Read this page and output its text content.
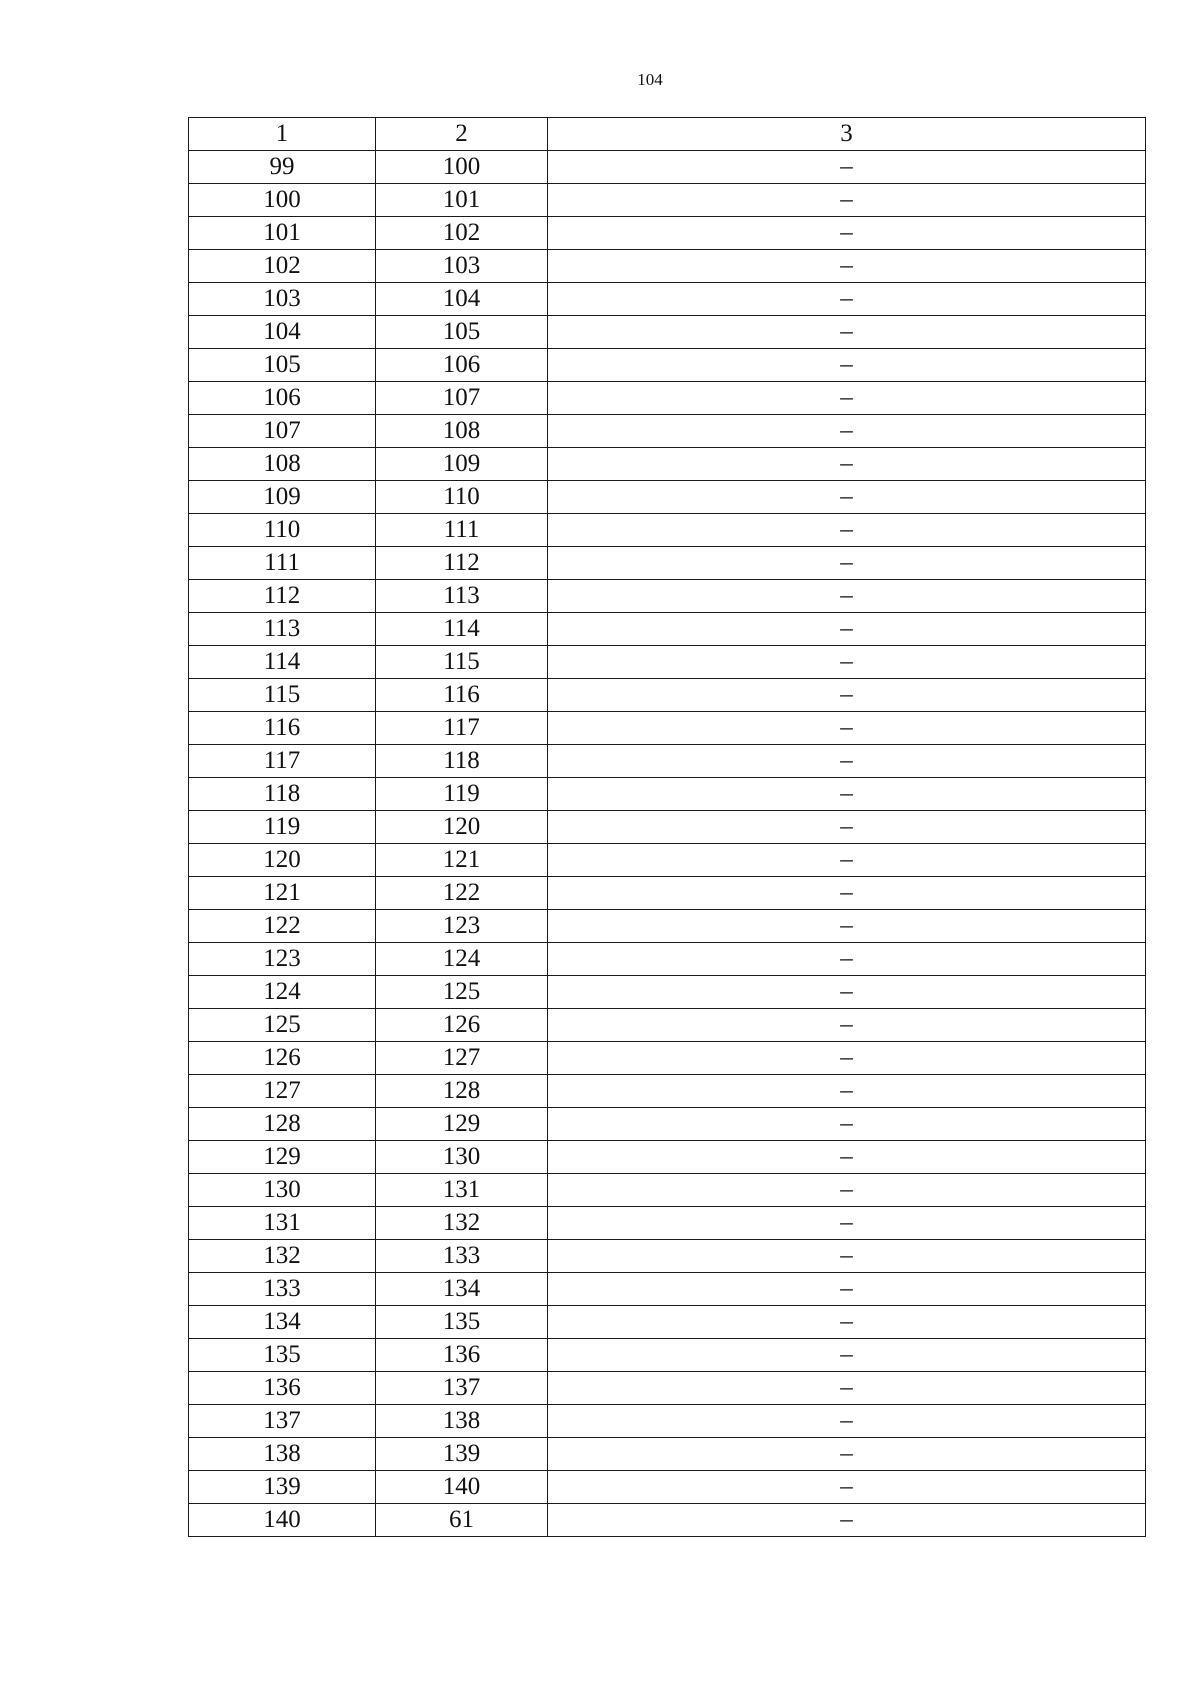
104
1	2	3
99	100	–
100	101	–
101	102	–
102	103	–
103	104	–
104	105	–
105	106	–
106	107	–
107	108	–
108	109	–
109	110	–
110	111	–
111	112	–
112	113	–
113	114	–
114	115	–
115	116	–
116	117	–
117	118	–
118	119	–
119	120	–
120	121	–
121	122	–
122	123	–
123	124	–
124	125	–
125	126	–
126	127	–
127	128	–
128	129	–
129	130	–
130	131	–
131	132	–
132	133	–
133	134	–
134	135	–
135	136	–
136	137	–
137	138	–
138	139	–
139	140	–
140	61	–
